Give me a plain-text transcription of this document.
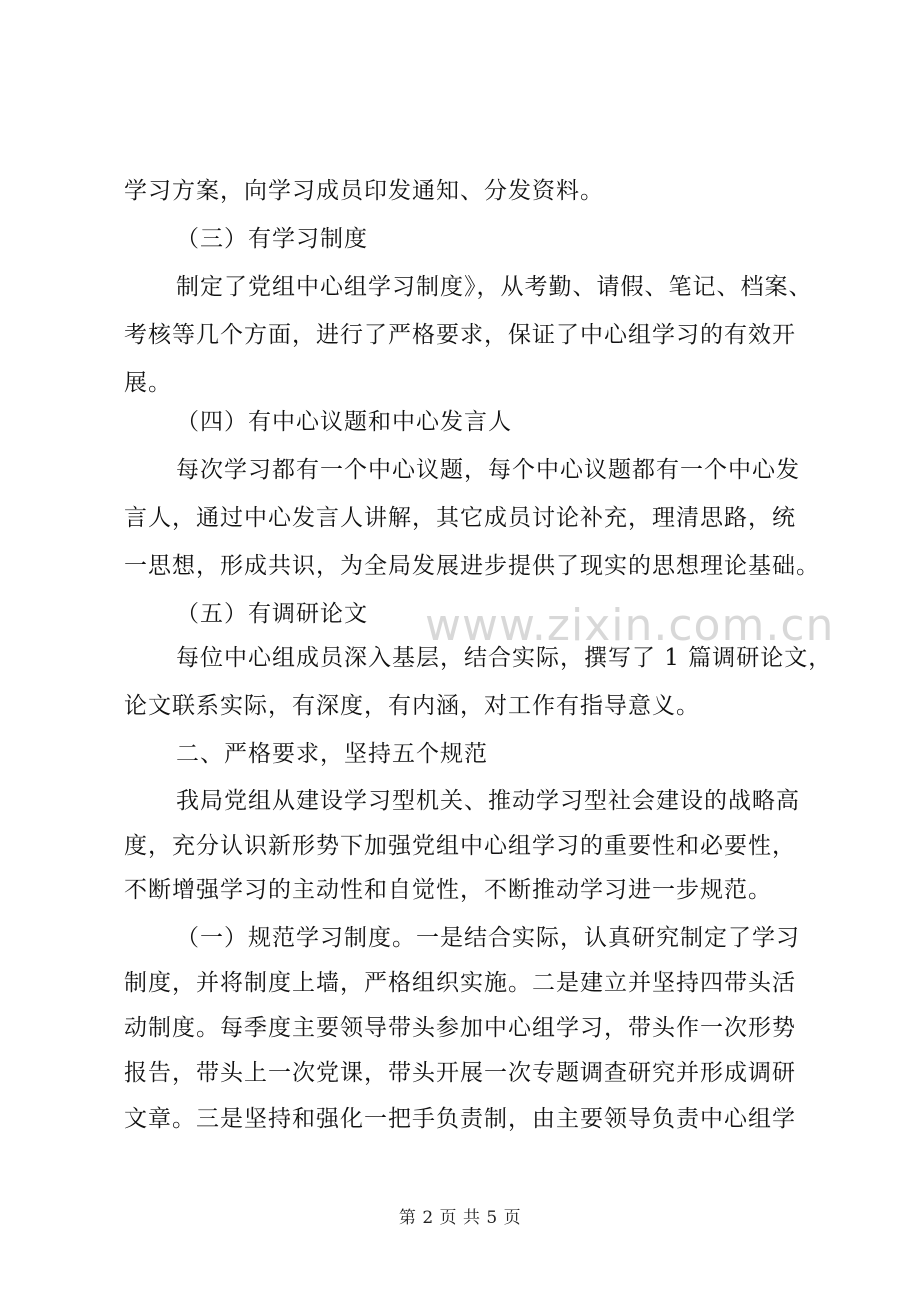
学习方案，向学习成员印发通知、分发资料。
（三）有学习制度
制定了党组中心组学习制度》，从考勤、请假、笔记、档案、
考核等几个方面，进行了严格要求，保证了中心组学习的有效开
展。
（四）有中心议题和中心发言人
每次学习都有一个中心议题，每个中心议题都有一个中心发
言人，通过中心发言人讲解，其它成员讨论补充，理清思路，统
一思想，形成共识，为全局发展进步提供了现实的思想理论基础。
（五）有调研论文	www.zixin.com.cn
每位中心组成员深入基层，结合实际，撰写了 1 篇调研论文，
论文联系实际，有深度，有内涵，对工作有指导意义。
二、严格要求，坚持五个规范
我局党组从建设学习型机关、推动学习型社会建设的战略高
度，充分认识新形势下加强党组中心组学习的重要性和必要性，
不断增强学习的主动性和自觉性，不断推动学习进一步规范。
（一）规范学习制度。一是结合实际，认真研究制定了学习
制度，并将制度上墙，严格组织实施。二是建立并坚持四带头活
动制度。每季度主要领导带头参加中心组学习，带头作一次形势
报告，带头上一次党课，带头开展一次专题调查研究并形成调研
文章。三是坚持和强化一把手负责制，由主要领导负责中心组学
第 2 页 共 5 页
